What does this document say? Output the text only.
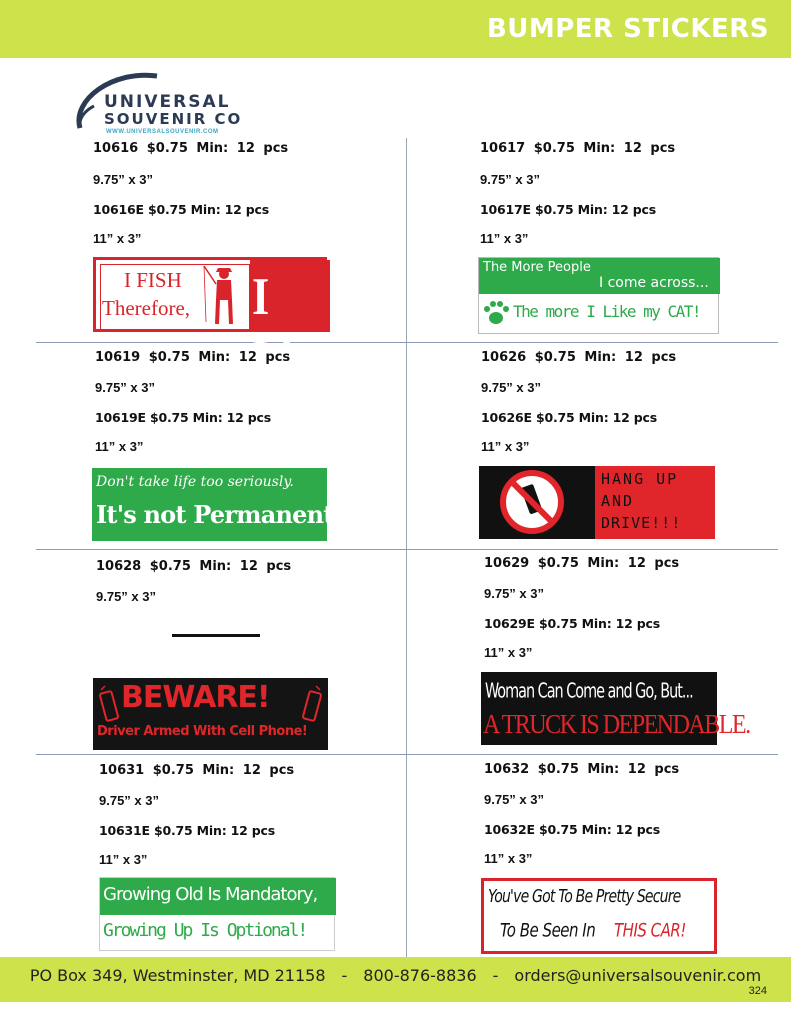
BUMPER STICKERS
UNIVERSAL
SOUVENIR CO
WWW.UNIVERSALSOUVENIR.COM
10616 $0.75 Min: 12 pcs
9.75” x 3”
10616E $0.75 Min: 12 pcs
11” x 3”
I FISH
Therefore, I Lie.
10617 $0.75 Min: 12 pcs
9.75” x 3”
10617E $0.75 Min: 12 pcs
11” x 3”
The More People
I come across...
The more I Like my CAT!
10619 $0.75 Min: 12 pcs
9.75” x 3”
10619E $0.75 Min: 12 pcs
11” x 3”
Don't take life too seriously.
It's not Permanent
10626 $0.75 Min: 12 pcs
9.75” x 3”
10626E $0.75 Min: 12 pcs
11” x 3”
HANG UP
AND
DRIVE!!!
10628 $0.75 Min: 12 pcs
9.75” x 3”
BEWARE!
Driver Armed With Cell Phone!
10629 $0.75 Min: 12 pcs
9.75” x 3”
10629E $0.75 Min: 12 pcs
11” x 3”
Woman Can Come and Go, But...
A TRUCK IS DEPENDABLE.
10631 $0.75 Min: 12 pcs
9.75” x 3”
10631E $0.75 Min: 12 pcs
11” x 3”
Growing Old Is Mandatory,
Growing Up Is Optional!
10632 $0.75 Min: 12 pcs
9.75” x 3”
10632E $0.75 Min: 12 pcs
11” x 3”
You've Got To Be Pretty Secure
To Be Seen In THIS CAR!
PO Box 349, Westminster, MD 21158 - 800-876-8836 - orders@universalsouvenir.com
324
